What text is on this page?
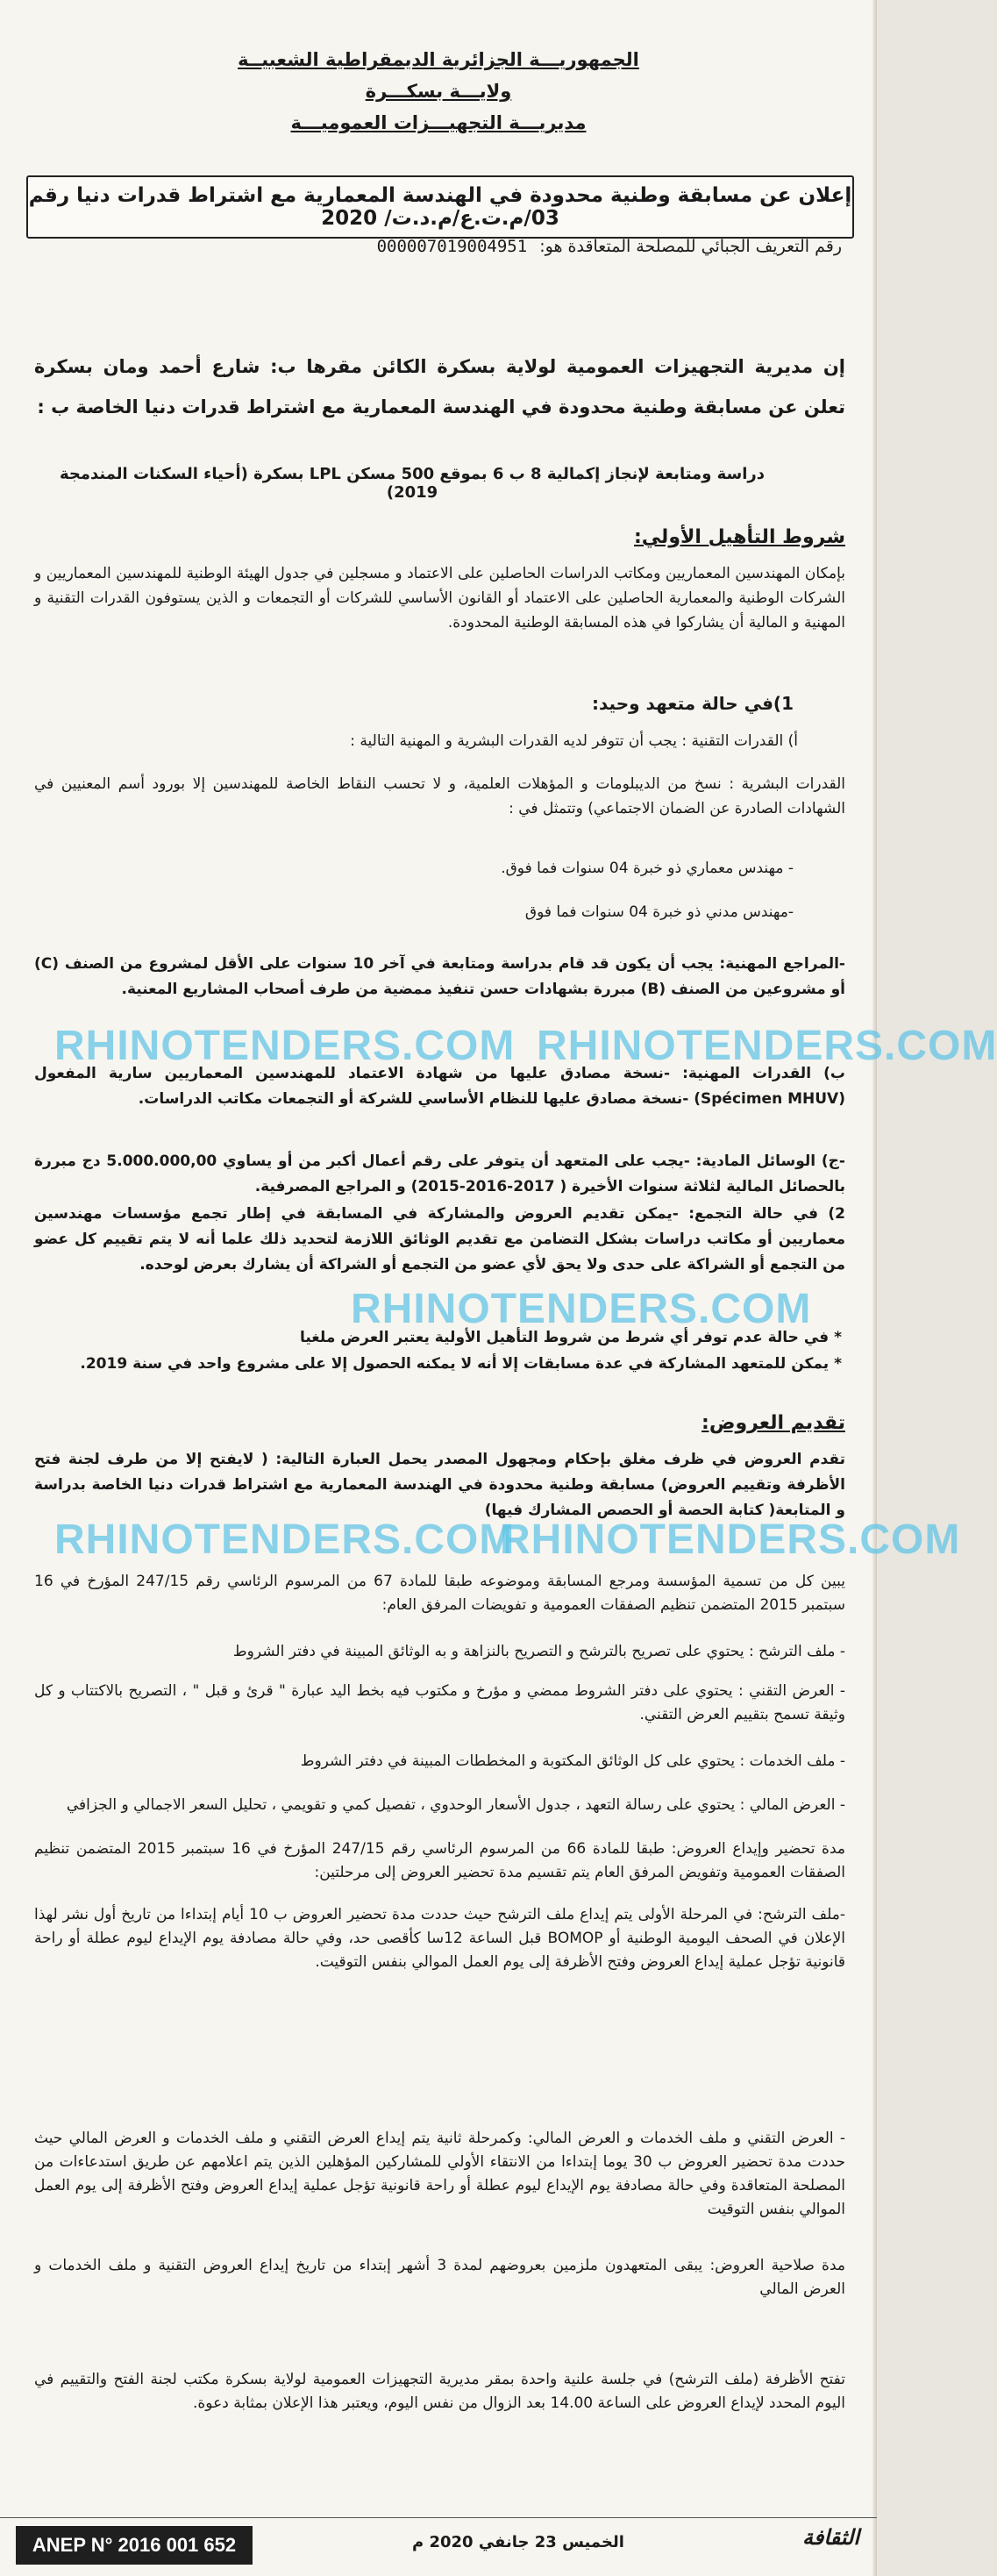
الجمهوريـــة الجزائرية الديمقراطية الشعبيــة
ولايـــة بسكـــرة
مديريـــة التجهيـــزات العموميـــة
إعلان عن مسابقة وطنية محدودة في الهندسة المعمارية مع اشتراط قدرات دنيا رقم 03/م.ت.ع/م.د.ت/ 2020
رقم التعريف الجبائي للمصلحة المتعاقدة هو: 000007019004951
إن مديرية التجهيزات العمومية لولاية بسكرة الكائن مقرها ب: شارع أحمد ومان بسكرة تعلن عن مسابقة وطنية محدودة في الهندسة المعمارية مع اشتراط قدرات دنيا الخاصة ب :
دراسة ومتابعة لإنجاز إكمالية 8 ب 6 بموقع 500 مسكن LPL بسكرة (أحياء السكنات المندمجة 2019)
شروط التأهيل الأولي:
بإمكان المهندسين المعماريين ومكاتب الدراسات الحاصلين على الاعتماد و مسجلين في جدول الهيئة الوطنية للمهندسين المعماريين و الشركات الوطنية والمعمارية الحاصلين على الاعتماد أو القانون الأساسي للشركات أو التجمعات و الذين يستوفون القدرات التقنية و المهنية و المالية أن يشاركوا في هذه المسابقة الوطنية المحدودة.
1)في حالة متعهد وحيد:
أ) القدرات التقنية : يجب أن تتوفر لديه القدرات البشرية و المهنية التالية :
القدرات البشرية : نسخ من الديبلومات و المؤهلات العلمية، و لا تحسب النقاط الخاصة للمهندسين إلا بورود أسم المعنيين في الشهادات الصادرة عن الضمان الاجتماعي) وتتمثل في :
- مهندس معماري ذو خبرة 04 سنوات فما فوق.
-مهندس مدني ذو خبرة 04 سنوات فما فوق
-المراجع المهنية: يجب أن يكون قد قام بدراسة ومتابعة في آخر 10 سنوات على الأقل لمشروع من الصنف (C) أو مشروعين من الصنف (B) مبررة بشهادات حسن تنفيذ ممضية من طرف أصحاب المشاريع المعنية.
ب) القدرات المهنية: -نسخة مصادق عليها من شهادة الاعتماد للمهندسين المعماريين سارية المفعول (Spécimen MHUV) -نسخة مصادق عليها للنظام الأساسي للشركة أو التجمعات مكاتب الدراسات.
-ج) الوسائل المادية: -يجب على المتعهد أن يتوفر على رقم أعمال أكبر من أو يساوي 5.000.000,00 دج مبررة بالحصائل المالية لثلاثة سنوات الأخيرة ( 2017-2016-2015) و المراجع المصرفية.
2) في حالة التجمع: -يمكن تقديم العروض والمشاركة في المسابقة في إطار تجمع مؤسسات مهندسين معماريين أو مكاتب دراسات بشكل التضامن مع تقديم الوثائق اللازمة لتحديد ذلك علما أنه لا يتم تقييم كل عضو من التجمع أو الشراكة على حدى ولا يحق لأي عضو من التجمع أو الشراكة أن يشارك بعرض لوحده.
* في حالة عدم توفر أي شرط من شروط التأهيل الأولية يعتبر العرض ملغيا
* يمكن للمتعهد المشاركة في عدة مسابقات إلا أنه لا يمكنه الحصول إلا على مشروع واحد في سنة 2019.
تقديم العروض:
تقدم العروض في ظرف مغلق بإحكام ومجهول المصدر يحمل العبارة التالية: ( لايفتح إلا من طرف لجنة فتح الأظرفة وتقييم العروض) مسابقة وطنية محدودة في الهندسة المعمارية مع اشتراط قدرات دنيا الخاصة بدراسة و المتابعة( كتابة الحصة أو الحصص المشارك فيها)
يبين كل من تسمية المؤسسة ومرجع المسابقة وموضوعه طبقا للمادة 67 من المرسوم الرئاسي رقم 247/15 المؤرخ في 16 سبتمبر 2015 المتضمن تنظيم الصفقات العمومية و تفويضات المرفق العام:
- ملف الترشح : يحتوي على تصريح بالترشح و التصريح بالنزاهة و به الوثائق المبينة في دفتر الشروط
- العرض التقني : يحتوي على دفتر الشروط ممضي و مؤرخ و مكتوب فيه بخط اليد عبارة " قرئ و قبل " ، التصريح بالاكتتاب و كل وثيقة تسمح بتقييم العرض التقني.
- ملف الخدمات : يحتوي على كل الوثائق المكتوبة و المخططات المبينة في دفتر الشروط
- العرض المالي : يحتوي على رسالة التعهد ، جدول الأسعار الوحدوي ، تفصيل كمي و تقويمي ، تحليل السعر الاجمالي و الجزافي
مدة تحضير وإيداع العروض: طبقا للمادة 66 من المرسوم الرئاسي رقم 247/15 المؤرخ في 16 سبتمبر 2015 المتضمن تنظيم الصفقات العمومية وتفويض المرفق العام يتم تقسيم مدة تحضير العروض إلى مرحلتين:
-ملف الترشح: في المرحلة الأولى يتم إيداع ملف الترشح حيث حددت مدة تحضير العروض ب 10 أيام إبتداءا من تاريخ أول نشر لهذا الإعلان في الصحف اليومية الوطنية أو BOMOP قبل الساعة 12سا كأقصى حد، وفي حالة مصادفة يوم الإيداع ليوم عطلة أو راحة قانونية تؤجل عملية إيداع العروض وفتح الأظرفة إلى يوم العمل الموالي بنفس التوقيت.
- العرض التقني و ملف الخدمات و العرض المالي: وكمرحلة ثانية يتم إيداع العرض التقني و ملف الخدمات و العرض المالي حيث حددت مدة تحضير العروض ب 30 يوما إبتداءا من الانتقاء الأولي للمشاركين المؤهلين الذين يتم اعلامهم عن طريق استدعاءات من المصلحة المتعاقدة وفي حالة مصادفة يوم الإيداع ليوم عطلة أو راحة قانونية تؤجل عملية إيداع العروض وفتح الأظرفة إلى يوم العمل الموالي بنفس التوقيت
مدة صلاحية العروض: يبقى المتعهدون ملزمين بعروضهم لمدة 3 أشهر إبتداء من تاريخ إيداع العروض التقنية و ملف الخدمات و العرض المالي
تفتح الأظرفة (ملف الترشح) في جلسة علنية واحدة بمقر مديرية التجهيزات العمومية لولاية بسكرة مكتب لجنة الفتح والتقييم في اليوم المحدد لإيداع العروض على الساعة 14.00 بعد الزوال من نفس اليوم، ويعتبر هذا الإعلان بمثابة دعوة.
RHINOTENDERS.COM RHINOTENDERS.COM
RHINOTENDERS.COM
RHINOTENDERS.COM
RHINOTENDERS.COM
الثقافة
الخميس 23 جانفي 2020 م
ANEP N° 2016 001 652
